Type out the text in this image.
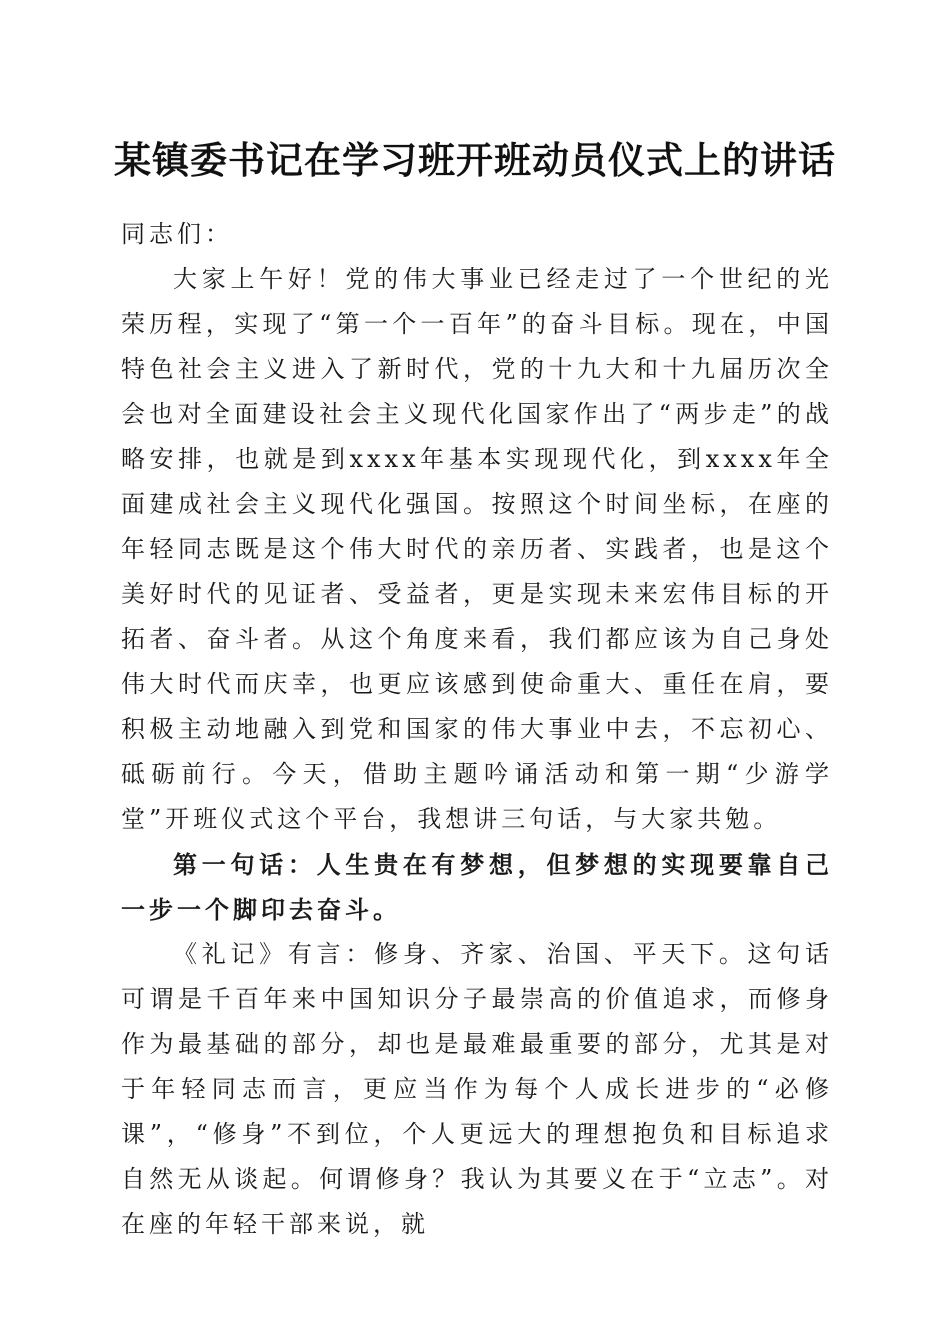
某镇委书记在学习班开班动员仪式上的讲话

同志们：

大家上午好！党的伟大事业已经走过了一个世纪的光荣历程，实现了“第一个一百年”的奋斗目标。现在，中国特色社会主义进入了新时代，党的十九大和十九届历次全会也对全面建设社会主义现代化国家作出了“两步走”的战略安排，也就是到xxxx年基本实现现代化，到xxxx年全面建成社会主义现代化强国。按照这个时间坐标，在座的年轻同志既是这个伟大时代的亲历者、实践者，也是这个美好时代的见证者、受益者，更是实现未来宏伟目标的开拓者、奋斗者。从这个角度来看，我们都应该为自己身处伟大时代而庆幸，也更应该感到使命重大、重任在肩，要积极主动地融入到党和国家的伟大事业中去，不忘初心、砥砺前行。今天，借助主题吟诵活动和第一期“少游学堂”开班仪式这个平台，我想讲三句话，与大家共勉。

第一句话：人生贵在有梦想，但梦想的实现要靠自己一步一个脚印去奋斗。

《礼记》有言：修身、齐家、治国、平天下。这句话可谓是千百年来中国知识分子最崇高的价值追求，而修身作为最基础的部分，却也是最难最重要的部分，尤其是对于年轻同志而言，更应当作为每个人成长进步的“必修课”，“修身”不到位，个人更远大的理想抱负和目标追求自然无从谈起。何谓修身？我认为其要义在于“立志”。对在座的年轻干部来说，就
